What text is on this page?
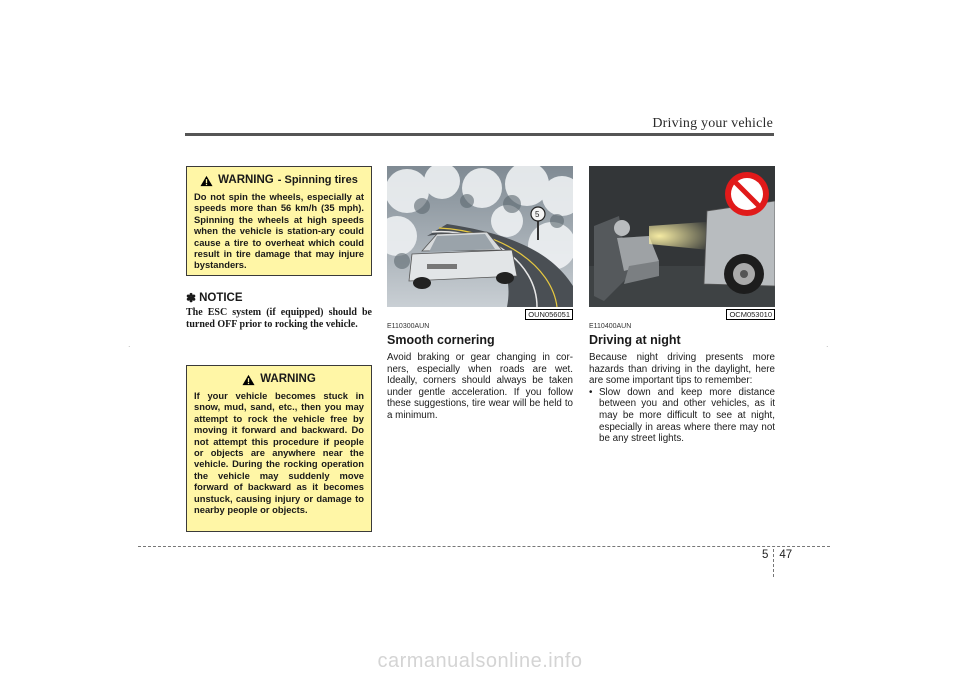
Driving your vehicle
.	.
WARNING - Spinning tires
Do not spin the wheels, especially at speeds more than 56 km/h (35 mph). Spinning the wheels at high speeds when the vehicle is station-ary could cause a tire to overheat which could result in tire damage that may injure bystanders.
✽ NOTICE
The ESC system (if equipped) should be turned OFF prior to rocking the vehicle.
WARNING
If your vehicle becomes stuck in snow, mud, sand, etc., then you may attempt to rock the vehicle free by moving it forward and backward. Do not attempt this procedure if people or objects are anywhere near the vehicle. During the rocking operation the vehicle may suddenly move forward of backward as it becomes unstuck, causing injury or damage to nearby people or objects.
5
OUN056051
E110300AUN
Smooth cornering
Avoid braking or gear changing in cor-ners, especially when roads are wet. Ideally, corners should always be taken under gentle acceleration. If you follow these suggestions, tire wear will be held to a minimum.
OCM053010
E110400AUN
Driving at night
Because night driving presents more hazards than driving in the daylight, here are some important tips to remember:
• Slow down and keep more distance between you and other vehicles, as it may be more difficult to see at night, especially in areas where there may not be any street lights.
5 47
carmanualsonline.info
